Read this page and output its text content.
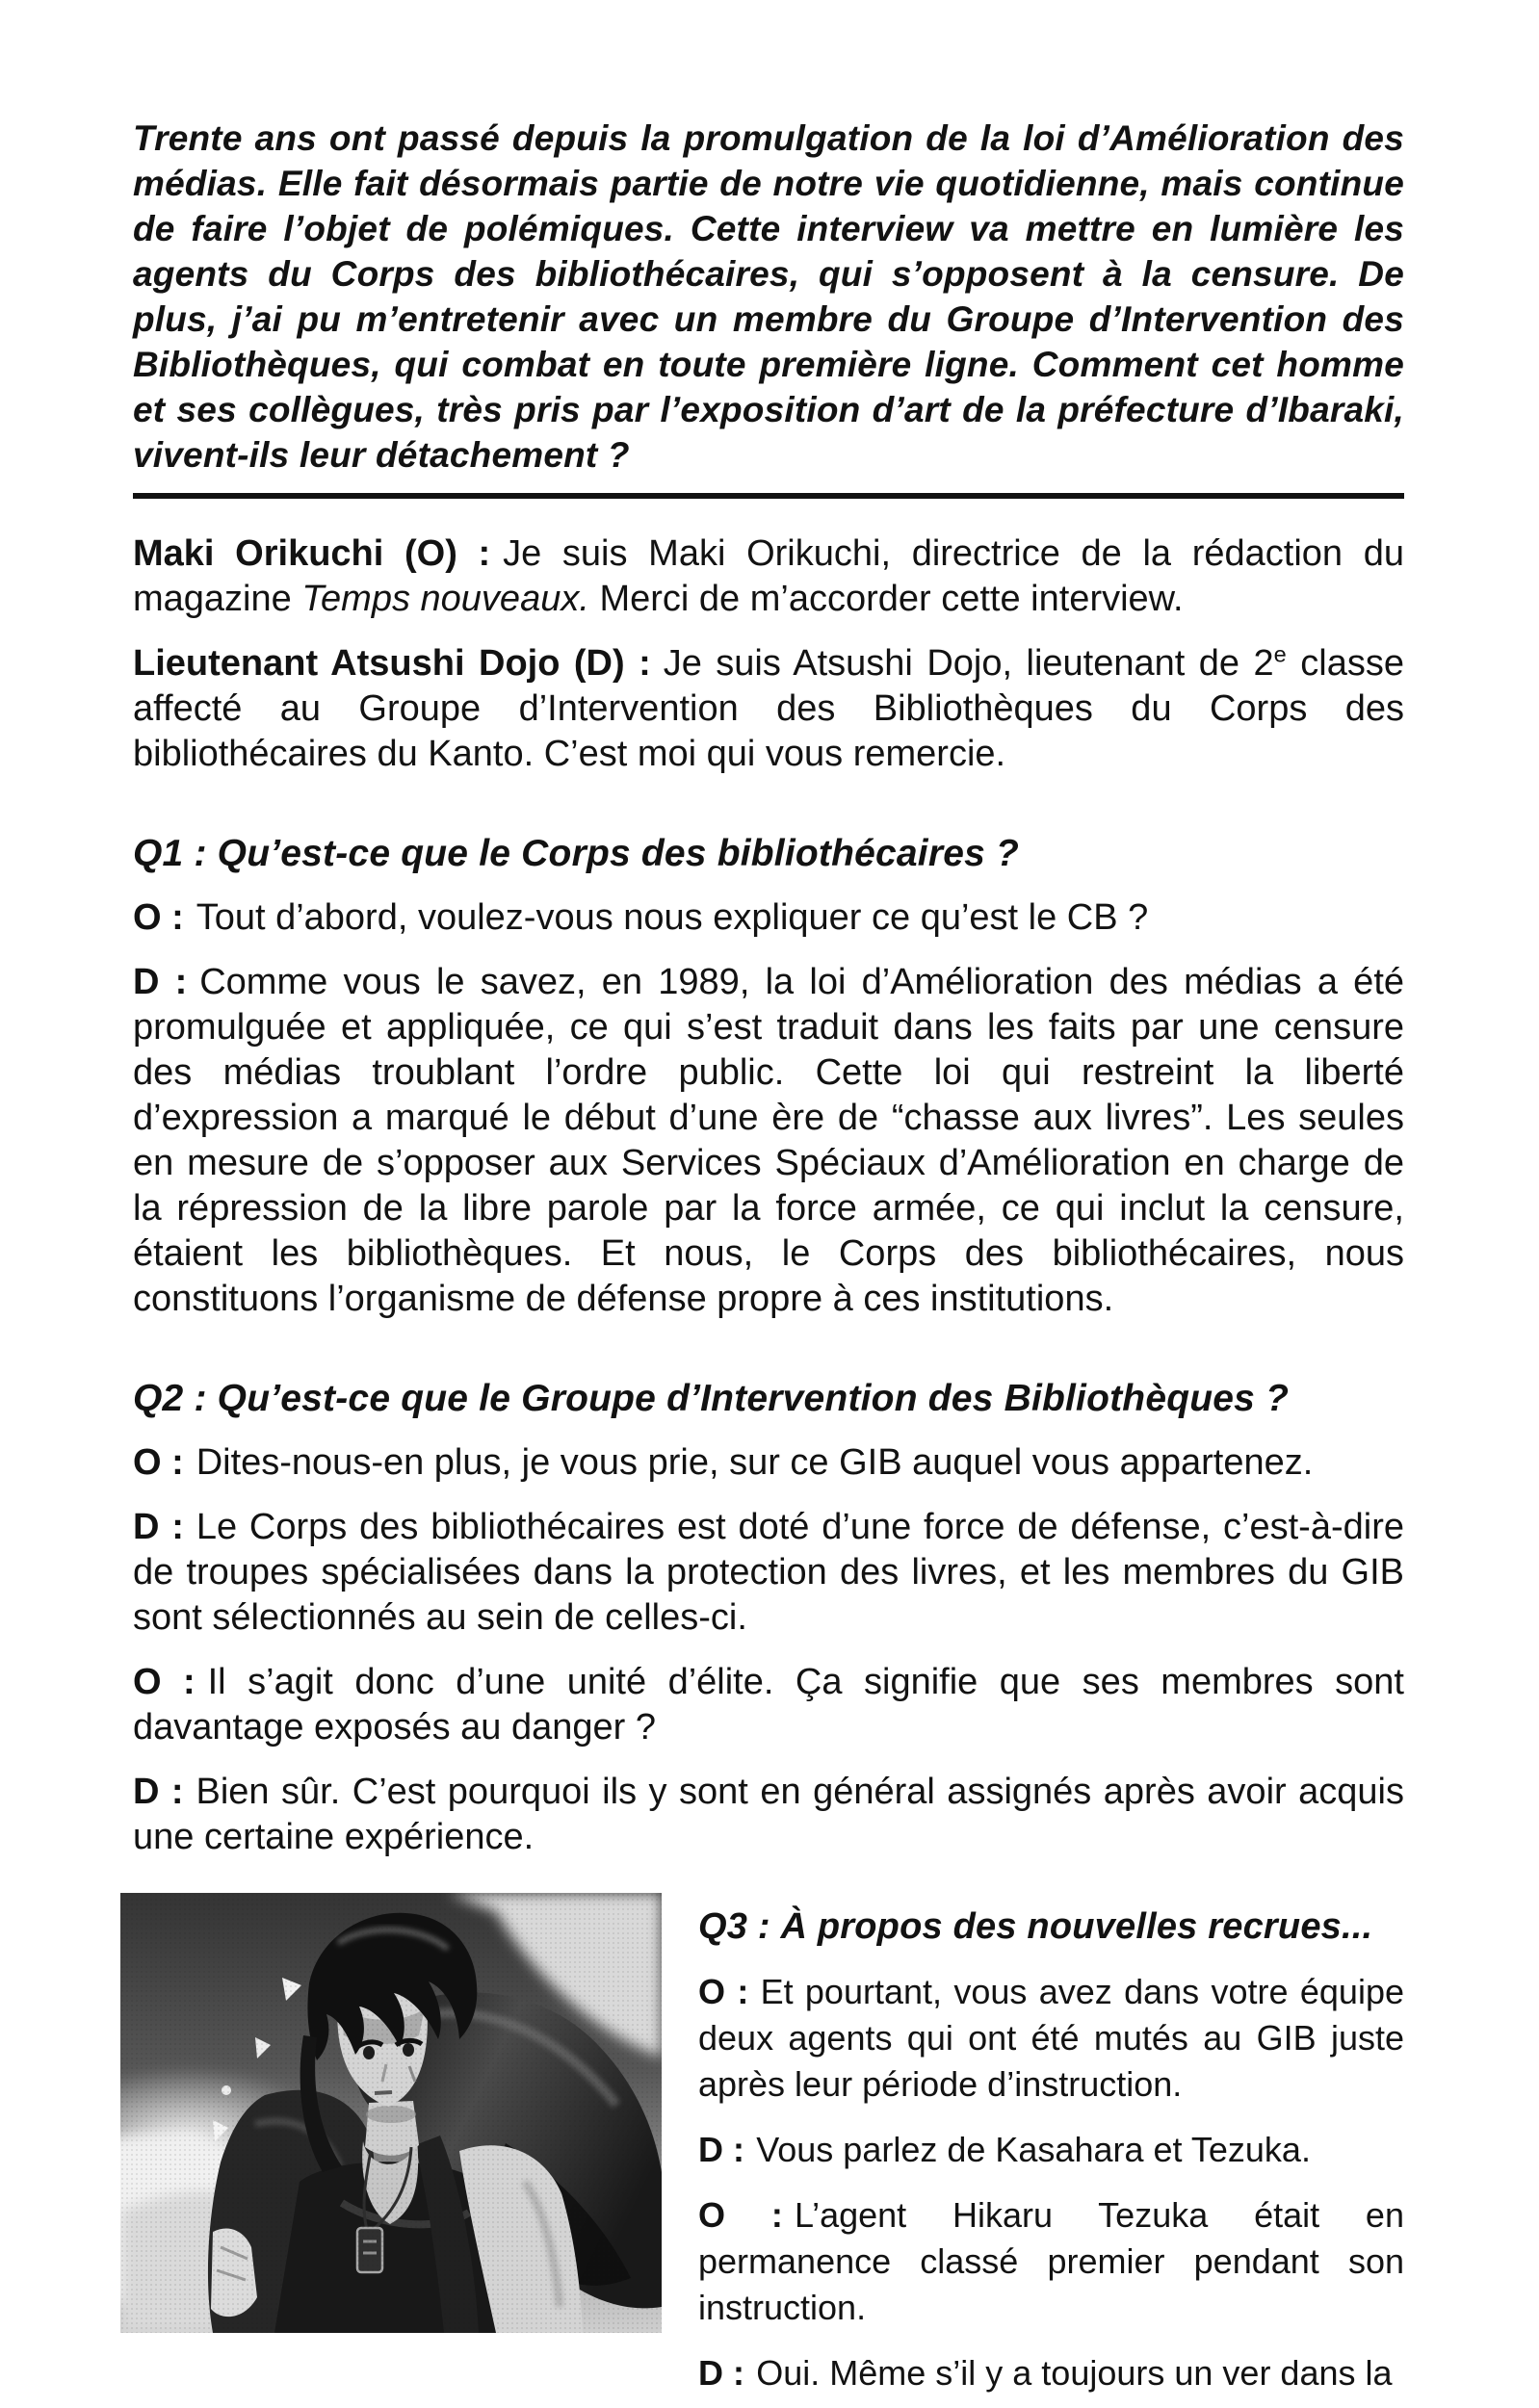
Trente ans ont passé depuis la promulgation de la loi d’Amélioration des médias. Elle fait désormais partie de notre vie quotidienne, mais continue de faire l’objet de polémiques. Cette interview va mettre en lumière les agents du Corps des bibliothécaires, qui s’opposent à la censure. De plus, j’ai pu m’entretenir avec un membre du Groupe d’Intervention des Bibliothèques, qui combat en toute première ligne. Comment cet homme et ses collègues, très pris par l’exposition d’art de la préfecture d’Ibaraki, vivent-ils leur détachement ?

Maki Orikuchi (O) : Je suis Maki Orikuchi, directrice de la rédaction du magazine Temps nouveaux. Merci de m’accorder cette interview.

Lieutenant Atsushi Dojo (D) : Je suis Atsushi Dojo, lieutenant de 2e classe affecté au Groupe d’Intervention des Bibliothèques du Corps des bibliothécaires du Kanto. C’est moi qui vous remercie.

Q1 : Qu’est-ce que le Corps des bibliothécaires ?

O : Tout d’abord, voulez-vous nous expliquer ce qu’est le CB ?

D : Comme vous le savez, en 1989, la loi d’Amélioration des médias a été promulguée et appliquée, ce qui s’est traduit dans les faits par une censure des médias troublant l’ordre public. Cette loi qui restreint la liberté d’expression a marqué le début d’une ère de “chasse aux livres”. Les seules en mesure de s’opposer aux Services Spéciaux d’Amélioration en charge de la répression de la libre parole par la force armée, ce qui inclut la censure, étaient les bibliothèques. Et nous, le Corps des bibliothécaires, nous constituons l’organisme de défense propre à ces institutions.

Q2 : Qu’est-ce que le Groupe d’Intervention des Bibliothèques ?

O : Dites-nous-en plus, je vous prie, sur ce GIB auquel vous appartenez.

D : Le Corps des bibliothécaires est doté d’une force de défense, c’est-à-dire de troupes spécialisées dans la protection des livres, et les membres du GIB sont sélectionnés au sein de celles-ci.

O : Il s’agit donc d’une unité d’élite. Ça signifie que ses membres sont davantage exposés au danger ?

D : Bien sûr. C’est pourquoi ils y sont en général assignés après avoir acquis une certaine expérience.

Q3 : À propos des nouvelles recrues...

O : Et pourtant, vous avez dans votre équipe deux agents qui ont été mutés au GIB juste après leur période d’instruction.

D : Vous parlez de Kasahara et Tezuka.

O : L’agent Hikaru Tezuka était en permanence classé premier pendant son instruction.

D : Oui. Même s’il y a toujours un ver dans la
